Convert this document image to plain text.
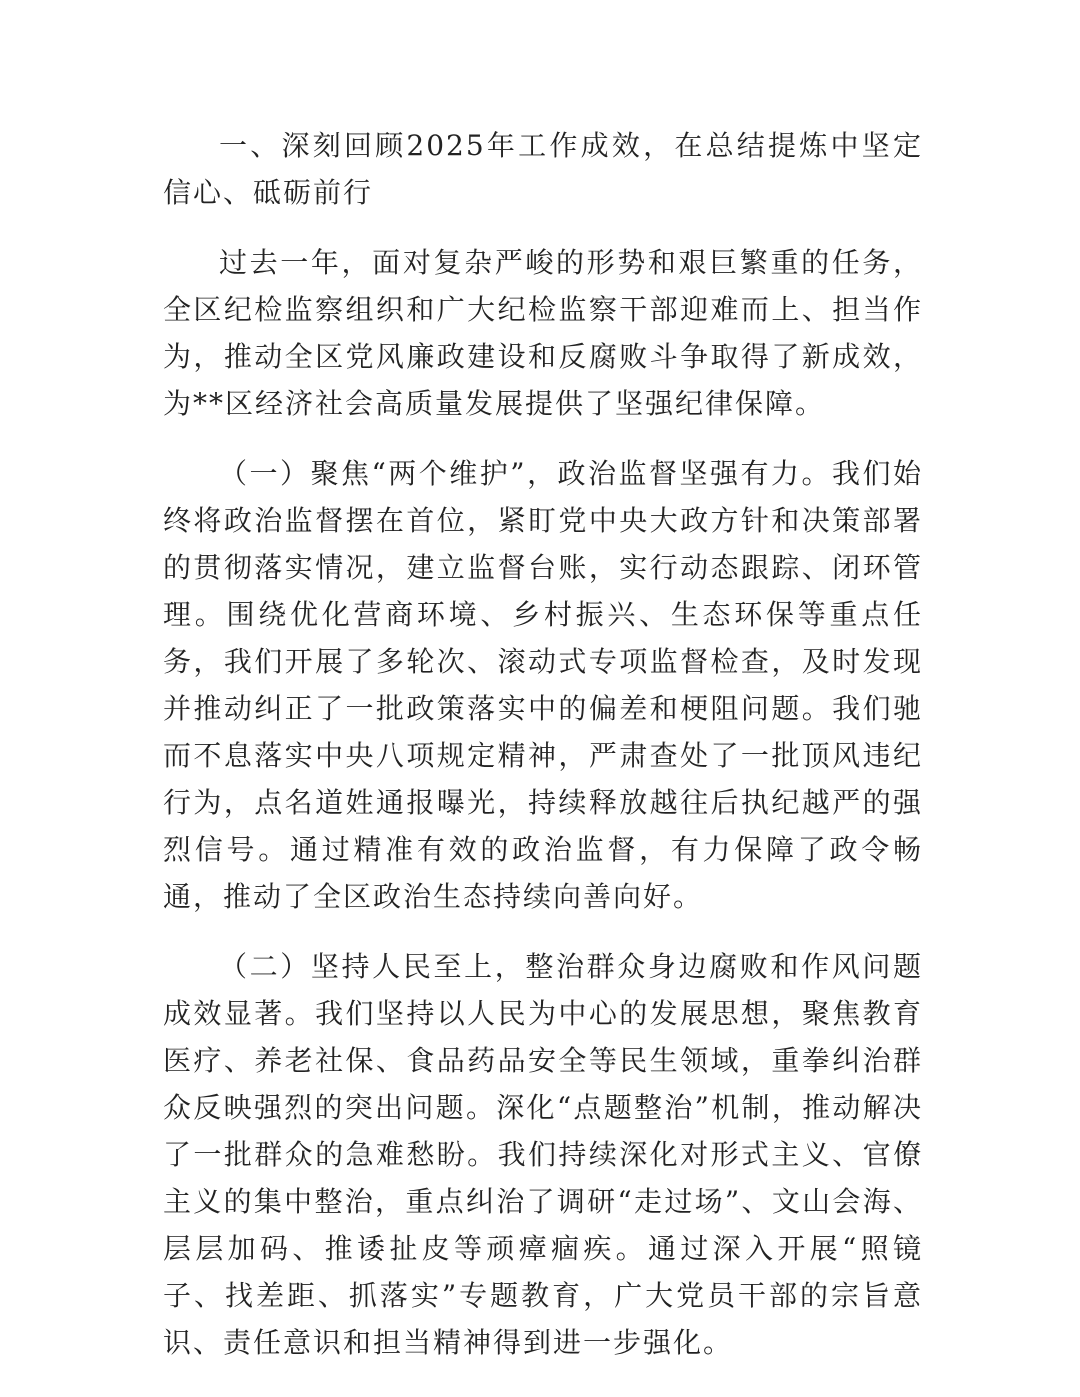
一、深刻回顾2025年工作成效，在总结提炼中坚定信心、砥砺前行

过去一年，面对复杂严峻的形势和艰巨繁重的任务，全区纪检监察组织和广大纪检监察干部迎难而上、担当作为，推动全区党风廉政建设和反腐败斗争取得了新成效，为**区经济社会高质量发展提供了坚强纪律保障。

（一）聚焦“两个维护”，政治监督坚强有力。我们始终将政治监督摆在首位，紧盯党中央大政方针和决策部署的贯彻落实情况，建立监督台账，实行动态跟踪、闭环管理。围绕优化营商环境、乡村振兴、生态环保等重点任务，我们开展了多轮次、滚动式专项监督检查，及时发现并推动纠正了一批政策落实中的偏差和梗阻问题。我们驰而不息落实中央八项规定精神，严肃查处了一批顶风违纪行为，点名道姓通报曝光，持续释放越往后执纪越严的强烈信号。通过精准有效的政治监督，有力保障了政令畅通，推动了全区政治生态持续向善向好。

（二）坚持人民至上，整治群众身边腐败和作风问题成效显著。我们坚持以人民为中心的发展思想，聚焦教育医疗、养老社保、食品药品安全等民生领域，重拳纠治群众反映强烈的突出问题。深化“点题整治”机制，推动解决了一批群众的急难愁盼。我们持续深化对形式主义、官僚主义的集中整治，重点纠治了调研“走过场”、文山会海、层层加码、推诿扯皮等顽瘴痼疾。通过深入开展“照镜子、找差距、抓落实”专题教育，广大党员干部的宗旨意识、责任意识和担当精神得到进一步强化。
